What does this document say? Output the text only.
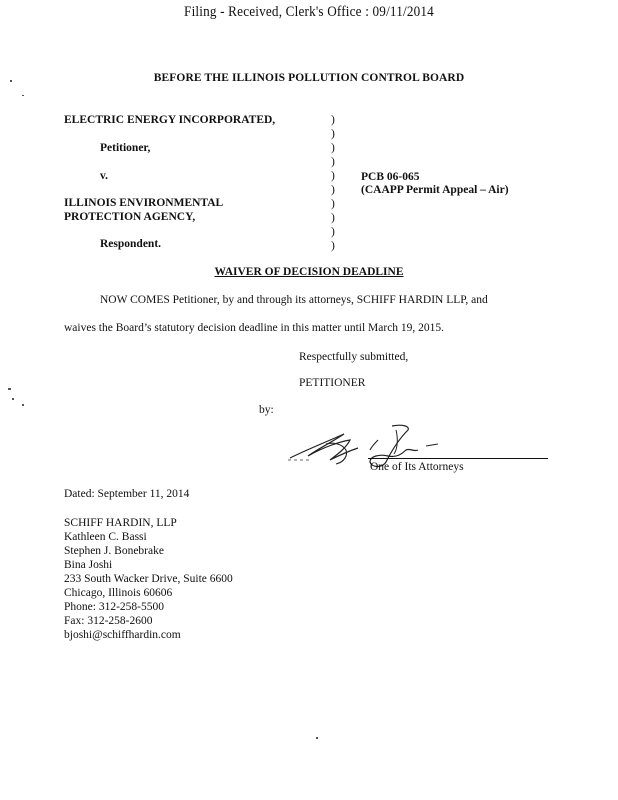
Filing - Received, Clerk's Office : 09/11/2014
BEFORE THE ILLINOIS POLLUTION CONTROL BOARD
ELECTRIC ENERGY INCORPORATED,
Petitioner,
v.
ILLINOIS ENVIRONMENTAL
PROTECTION AGENCY,
Respondent.
)
)
)
)
)
)
)
)
)
)
PCB 06-065
(CAAPP Permit Appeal – Air)
WAIVER OF DECISION DEADLINE
NOW COMES Petitioner, by and through its attorneys, SCHIFF HARDIN LLP, and
waives the Board’s statutory decision deadline in this matter until March 19, 2015.
Respectfully submitted,
PETITIONER
by:
One of Its Attorneys
Dated: September 11, 2014
SCHIFF HARDIN, LLP
Kathleen C. Bassi
Stephen J. Bonebrake
Bina Joshi
233 South Wacker Drive, Suite 6600
Chicago, Illinois 60606
Phone: 312-258-5500
Fax: 312-258-2600
bjoshi@schiffhardin.com
